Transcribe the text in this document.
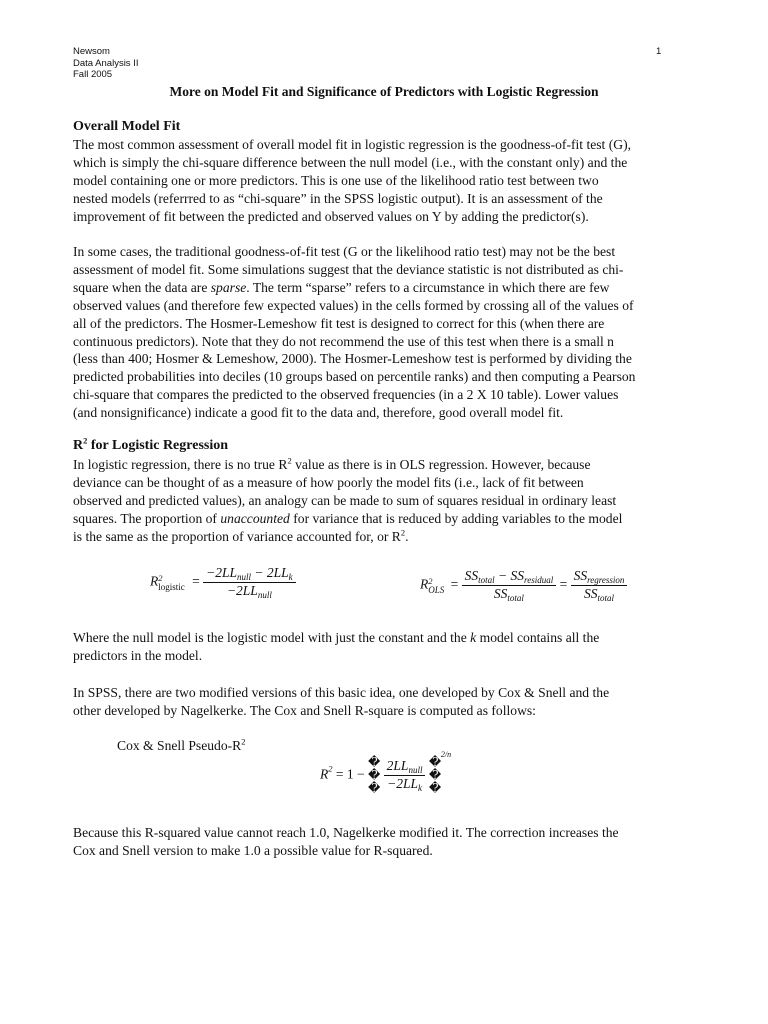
Newsom
Data Analysis II
Fall 2005
1
More on Model Fit and Significance of Predictors with Logistic Regression
Overall Model Fit
The most common assessment of overall model fit in logistic regression is the goodness-of-fit test (G),
which is simply the chi-square difference between the null model (i.e., with the constant only) and the
model containing one or more predictors. This is one use of the likelihood ratio test between two
nested models (referrred to as “chi-square” in the SPSS logistic output). It is an assessment of the
improvement of fit between the predicted and observed values on Y by adding the predictor(s).
In some cases, the traditional goodness-of-fit test (G or the likelihood ratio test) may not be the best
assessment of model fit. Some simulations suggest that the deviance statistic is not distributed as chi-
square when the data are sparse. The term “sparse” refers to a circumstance in which there are few
observed values (and therefore few expected values) in the cells formed by crossing all of the values of
all of the predictors. The Hosmer-Lemeshow fit test is designed to correct for this (when there are
continuous predictors). Note that they do not recommend the use of this test when there is a small n
(less than 400; Hosmer & Lemeshow, 2000). The Hosmer-Lemeshow test is performed by dividing the
predicted probabilities into deciles (10 groups based on percentile ranks) and then computing a Pearson
chi-square that compares the predicted to the observed frequencies (in a 2 X 10 table). Lower values
(and nonsignificance) indicate a good fit to the data and, therefore, good overall model fit.
$R^2$ for Logistic Regression
In logistic regression, there is no true $R^2$ value as there is in OLS regression. However, because
deviance can be thought of as a measure of how poorly the model fits (i.e., lack of fit between
observed and predicted values), an analogy can be made to sum of squares residual in ordinary least
squares. The proportion of unaccounted for variance that is reduced by adding variables to the model
is the same as the proportion of variance accounted for, or $R^2$.
R 2
logistic = $\frac{-2LL_{null} - 2LL_k}{-2LL_{null}}$	R 2
OLS = $\frac{SS_{total} - SS_{residual}}{SS_{total}} = \frac{SS_{regression}}{SS_{total}}$
Where the null model is the logistic model with just the constant and the k model contains all the
predictors in the model.
In SPSS, there are two modified versions of this basic idea, one developed by Cox & Snell and the
other developed by Nagelkerke. The Cox and Snell R-square is computed as follows:
Cox & Snell Pseudo-$R^2$
$R^2 = 1$ −
�
�
�
$\frac{2LL_{null}}{-2LL_k}$
�
�
�
2/n
Because this R-squared value cannot reach 1.0, Nagelkerke modified it. The correction increases the
Cox and Snell version to make 1.0 a possible value for R-squared.
